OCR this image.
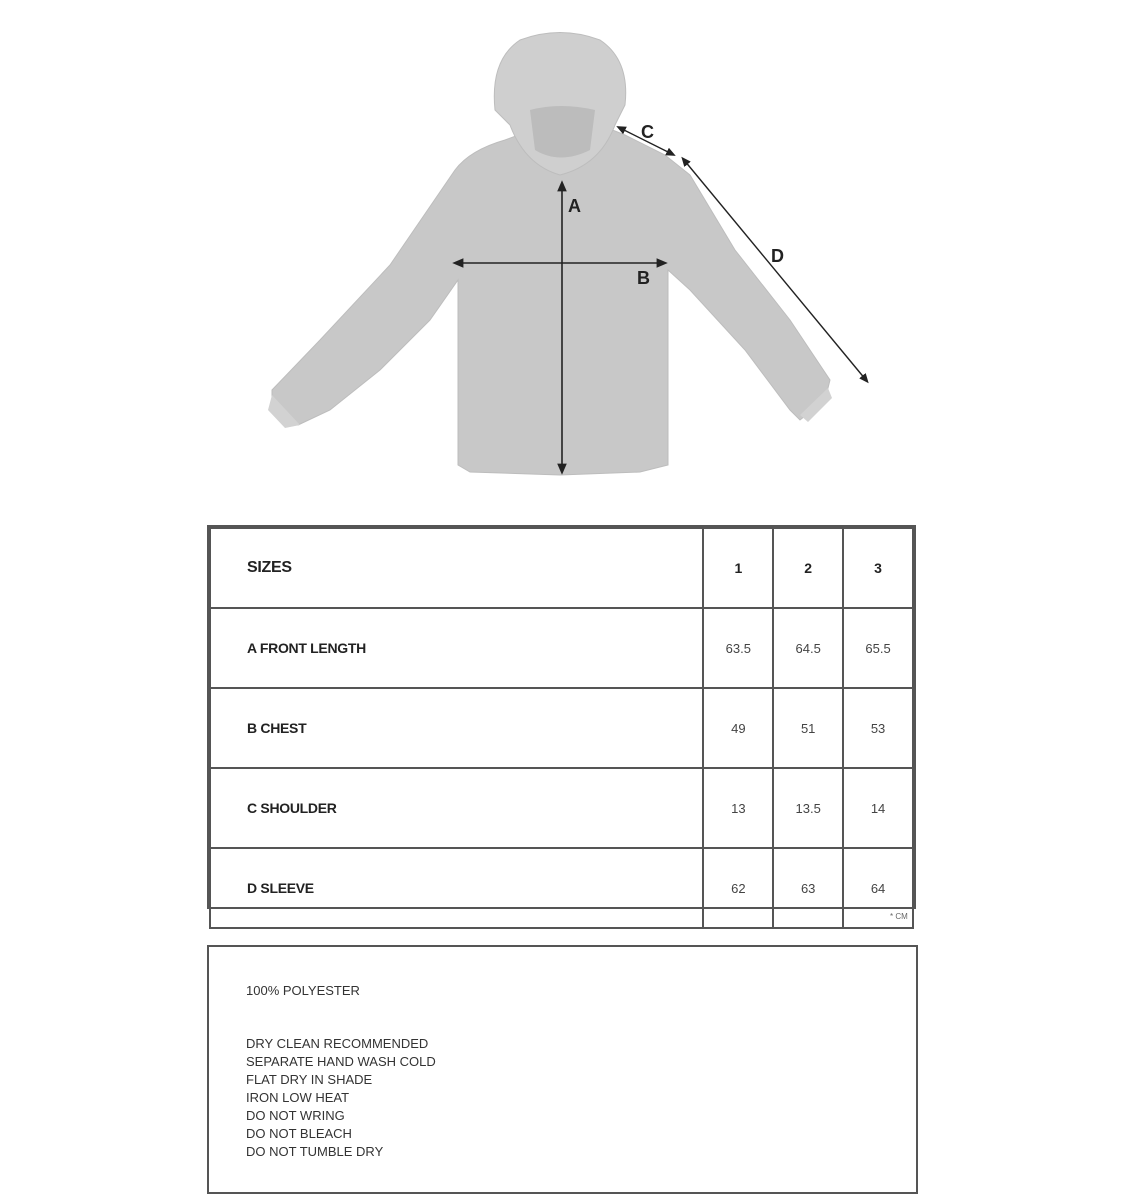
A
B
C
D
SIZES	1	2	3
A FRONT LENGTH	63.5	64.5	65.5
B CHEST	49	51	53
C SHOULDER	13	13.5	14
D SLEEVE	62	63	64
* CM
100% POLYESTER
DRY CLEAN RECOMMENDED
SEPARATE HAND WASH COLD
FLAT DRY IN SHADE
IRON LOW HEAT
DO NOT WRING
DO NOT BLEACH
DO NOT TUMBLE DRY
